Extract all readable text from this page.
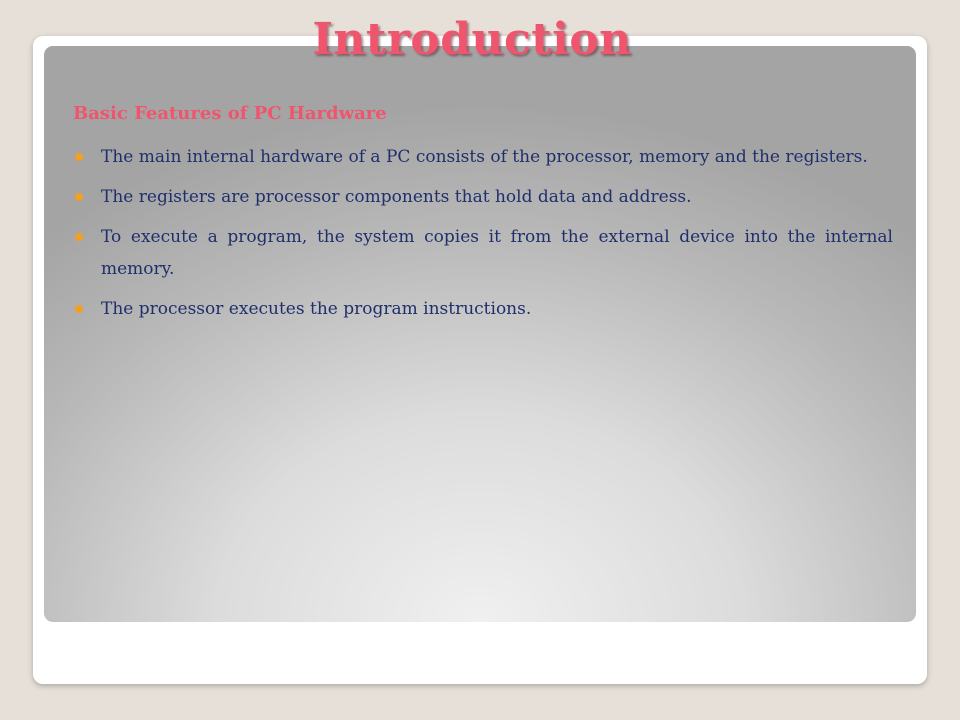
Introduction
Basic Features of PC Hardware
The main internal hardware of a PC consists of the processor, memory and the registers.
The registers are processor components that hold data and address.
To execute a program, the system copies it from the external device into the internal memory.
The processor executes the program instructions.
